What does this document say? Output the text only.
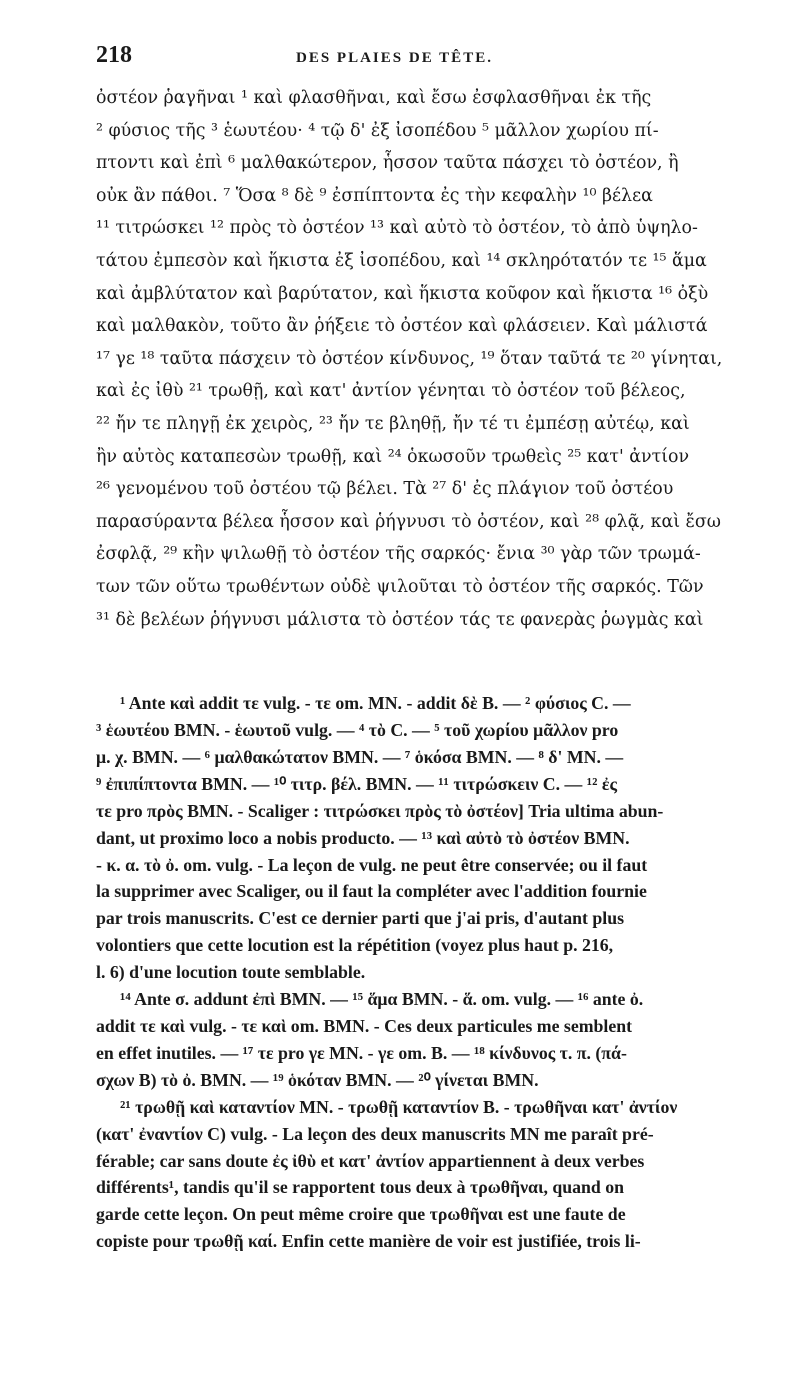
218	DES PLAIES DE TÊTE.
ὀστέον ῥαγῆναι ¹ καὶ φλασθῆναι, καὶ ἔσω ἐσφλασθῆναι ἐκ τῆς
² φύσιος τῆς ³ ἑωυτέου· ⁴ τῷ δ' ἐξ ἰσοπέδου ⁵ μᾶλλον χωρίου πί-
πτοντι καὶ ἐπὶ ⁶ μαλθακώτερον, ἧσσον ταῦτα πάσχει τὸ ὀστέον, ἢ
οὐκ ἂν πάθοι. ⁷ Ὅσα ⁸ δὲ ⁹ ἐσπίπτοντα ἐς τὴν κεφαλὴν ¹⁰ βέλεα
¹¹ τιτρώσκει ¹² πρὸς τὸ ὀστέον ¹³ καὶ αὐτὸ τὸ ὀστέον, τὸ ἀπὸ ὑψηλο-
τάτου ἐμπεσὸν καὶ ἥκιστα ἐξ ἰσοπέδου, καὶ ¹⁴ σκληρότατόν τε ¹⁵ ἅμα
καὶ ἀμβλύτατον καὶ βαρύτατον, καὶ ἥκιστα κοῦφον καὶ ἥκιστα ¹⁶ ὀξὺ
καὶ μαλθακὸν, τοῦτο ἂν ῥήξειε τὸ ὀστέον καὶ φλάσειεν. Καὶ μάλιστά
¹⁷ γε ¹⁸ ταῦτα πάσχειν τὸ ὀστέον κίνδυνος, ¹⁹ ὅταν ταῦτά τε ²⁰ γίνηται,
καὶ ἐς ἰθὺ ²¹ τρωθῇ, καὶ κατ' ἀντίον γένηται τὸ ὀστέον τοῦ βέλεος,
²² ἤν τε πληγῇ ἐκ χειρὸς, ²³ ἤν τε βληθῇ, ἤν τέ τι ἐμπέσῃ αὐτέῳ, καὶ
ἢν αὐτὸς καταπεσὼν τρωθῇ, καὶ ²⁴ ὁκωσοῦν τρωθεὶς ²⁵ κατ' ἀντίον
²⁶ γενομένου τοῦ ὀστέου τῷ βέλει. Τὰ ²⁷ δ' ἐς πλάγιον τοῦ ὀστέου
παρασύραντα βέλεα ἧσσον καὶ ῥήγνυσι τὸ ὀστέον, καὶ ²⁸ φλᾷ, καὶ ἔσω
ἐσφλᾷ, ²⁹ κἢν ψιλωθῇ τὸ ὀστέον τῆς σαρκός· ἔνια ³⁰ γὰρ τῶν τρωμά-
των τῶν οὕτω τρωθέντων οὐδὲ ψιλοῦται τὸ ὀστέον τῆς σαρκός. Τῶν
³¹ δὲ βελέων ῥήγνυσι μάλιστα τὸ ὀστέον τάς τε φανερὰς ῥωγμὰς καὶ
¹ Ante καὶ addit τε vulg. - τε om. MN. - addit δὲ B. — ² φύσιος C. —
³ ἑωυτέου BMN. - ἑωυτοῦ vulg. — ⁴ τὸ C. — ⁵ τοῦ χωρίου μᾶλλον pro
μ. χ. BMN. — ⁶ μαλθακώτατον BMN. — ⁷ ὁκόσα BMN. — ⁸ δ' MN. —
⁹ ἐπιπίπτοντα BMN. — ¹⁰ τιτρ. βέλ. BMN. — ¹¹ τιτρώσκειν C. — ¹² ἐς
τε pro πρὸς BMN. - Scaliger : τιτρώσκει πρὸς τὸ ὀστέον] Tria ultima abun-
dant, ut proximo loco a nobis producto. — ¹³ καὶ αὐτὸ τὸ ὀστέον BMN.
- κ. α. τὸ ὀ. om. vulg. - La leçon de vulg. ne peut être conservée; ou il faut
la supprimer avec Scaliger, ou il faut la compléter avec l'addition fournie
par trois manuscrits. C'est ce dernier parti que j'ai pris, d'autant plus
volontiers que cette locution est la répétition (voyez plus haut p. 216,
l. 6) d'une locution toute semblable.
¹⁴ Ante σ. addunt ἐπὶ BMN. — ¹⁵ ἅμα BMN. - ἅ. om. vulg. — ¹⁶ ante ὀ.
addit τε καὶ vulg. - τε καὶ om. BMN. - Ces deux particules me semblent
en effet inutiles. — ¹⁷ τε pro γε MN. - γε om. B. — ¹⁸ κίνδυνος τ. π. (πά-
σχων B) τὸ ὀ. BMN. — ¹⁹ ὁκόταν BMN. — ²⁰ γίνεται BMN.
²¹ τρωθῇ καὶ καταντίον MN. - τρωθῇ καταντίον B. - τρωθῆναι κατ' ἀντίον
(κατ' ἐναντίον C) vulg. - La leçon des deux manuscrits MN me paraît pré-
férable; car sans doute ἐς ἰθὺ et κατ' ἀντίον appartiennent à deux verbes
différents¹, tandis qu'il se rapportent tous deux à τρωθῆναι, quand on
garde cette leçon. On peut même croire que τρωθῆναι est une faute de
copiste pour τρωθῇ καί. Enfin cette manière de voir est justifiée, trois li-
